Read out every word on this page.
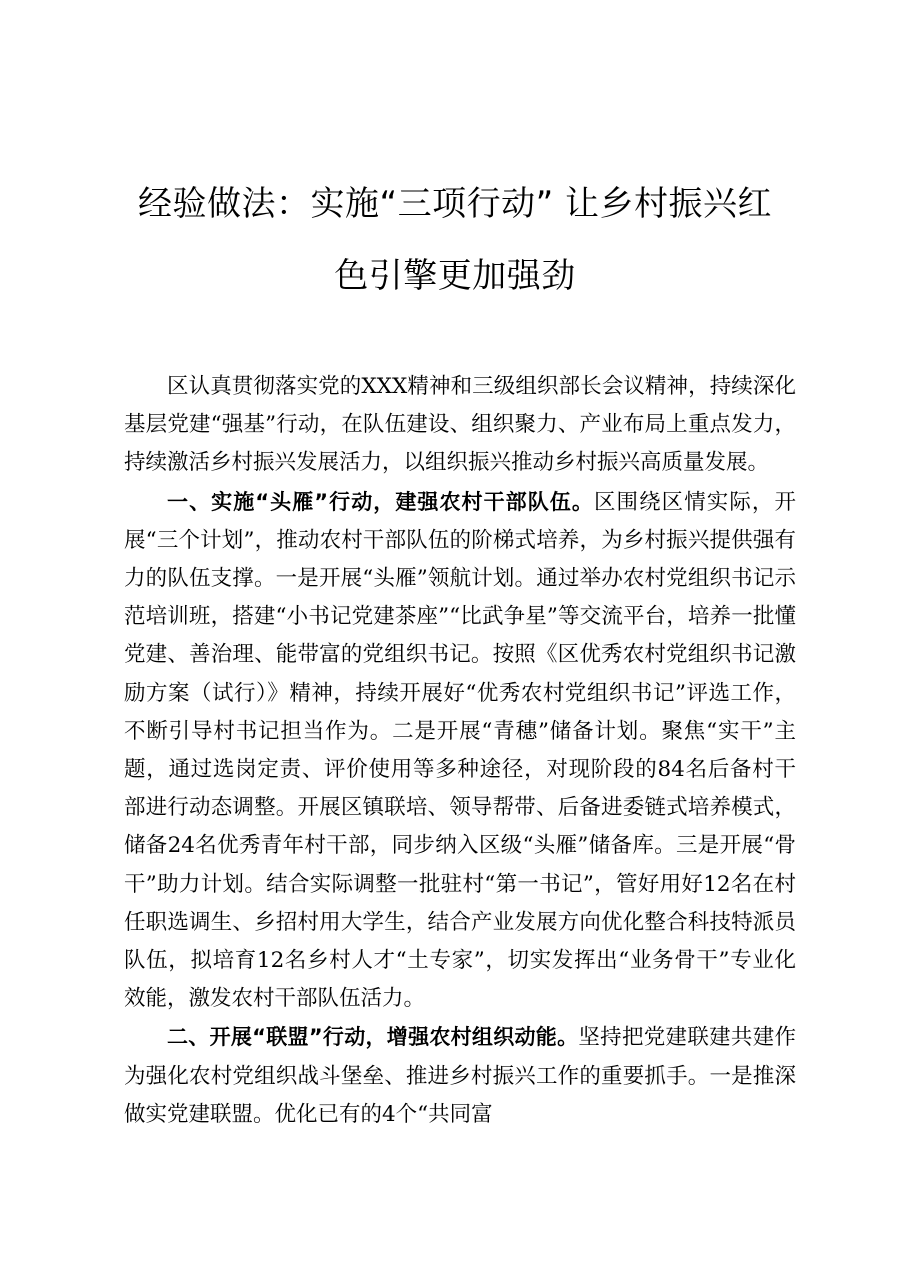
经验做法：实施“三项行动” 让乡村振兴红
色引擎更加强劲

区认真贯彻落实党的XXX精神和三级组织部长会议精神，持续深化基层党建“强基”行动，在队伍建设、组织聚力、产业布局上重点发力，持续激活乡村振兴发展活力，以组织振兴推动乡村振兴高质量发展。

一、实施“头雁”行动，建强农村干部队伍。区围绕区情实际，开展“三个计划”，推动农村干部队伍的阶梯式培养，为乡村振兴提供强有力的队伍支撑。一是开展“头雁”领航计划。通过举办农村党组织书记示范培训班，搭建“小书记党建茶座”“比武争星”等交流平台，培养一批懂党建、善治理、能带富的党组织书记。按照《区优秀农村党组织书记激励方案（试行）》精神，持续开展好“优秀农村党组织书记”评选工作，不断引导村书记担当作为。二是开展“青穗”储备计划。聚焦“实干”主题，通过选岗定责、评价使用等多种途径，对现阶段的84名后备村干部进行动态调整。开展区镇联培、领导帮带、后备进委链式培养模式，储备24名优秀青年村干部，同步纳入区级“头雁”储备库。三是开展“骨干”助力计划。结合实际调整一批驻村“第一书记”，管好用好12名在村任职选调生、乡招村用大学生，结合产业发展方向优化整合科技特派员队伍，拟培育12名乡村人才“土专家”，切实发挥出“业务骨干”专业化效能，激发农村干部队伍活力。

二、开展“联盟”行动，增强农村组织动能。坚持把党建联建共建作为强化农村党组织战斗堡垒、推进乡村振兴工作的重要抓手。一是推深做实党建联盟。优化已有的4个“共同富
